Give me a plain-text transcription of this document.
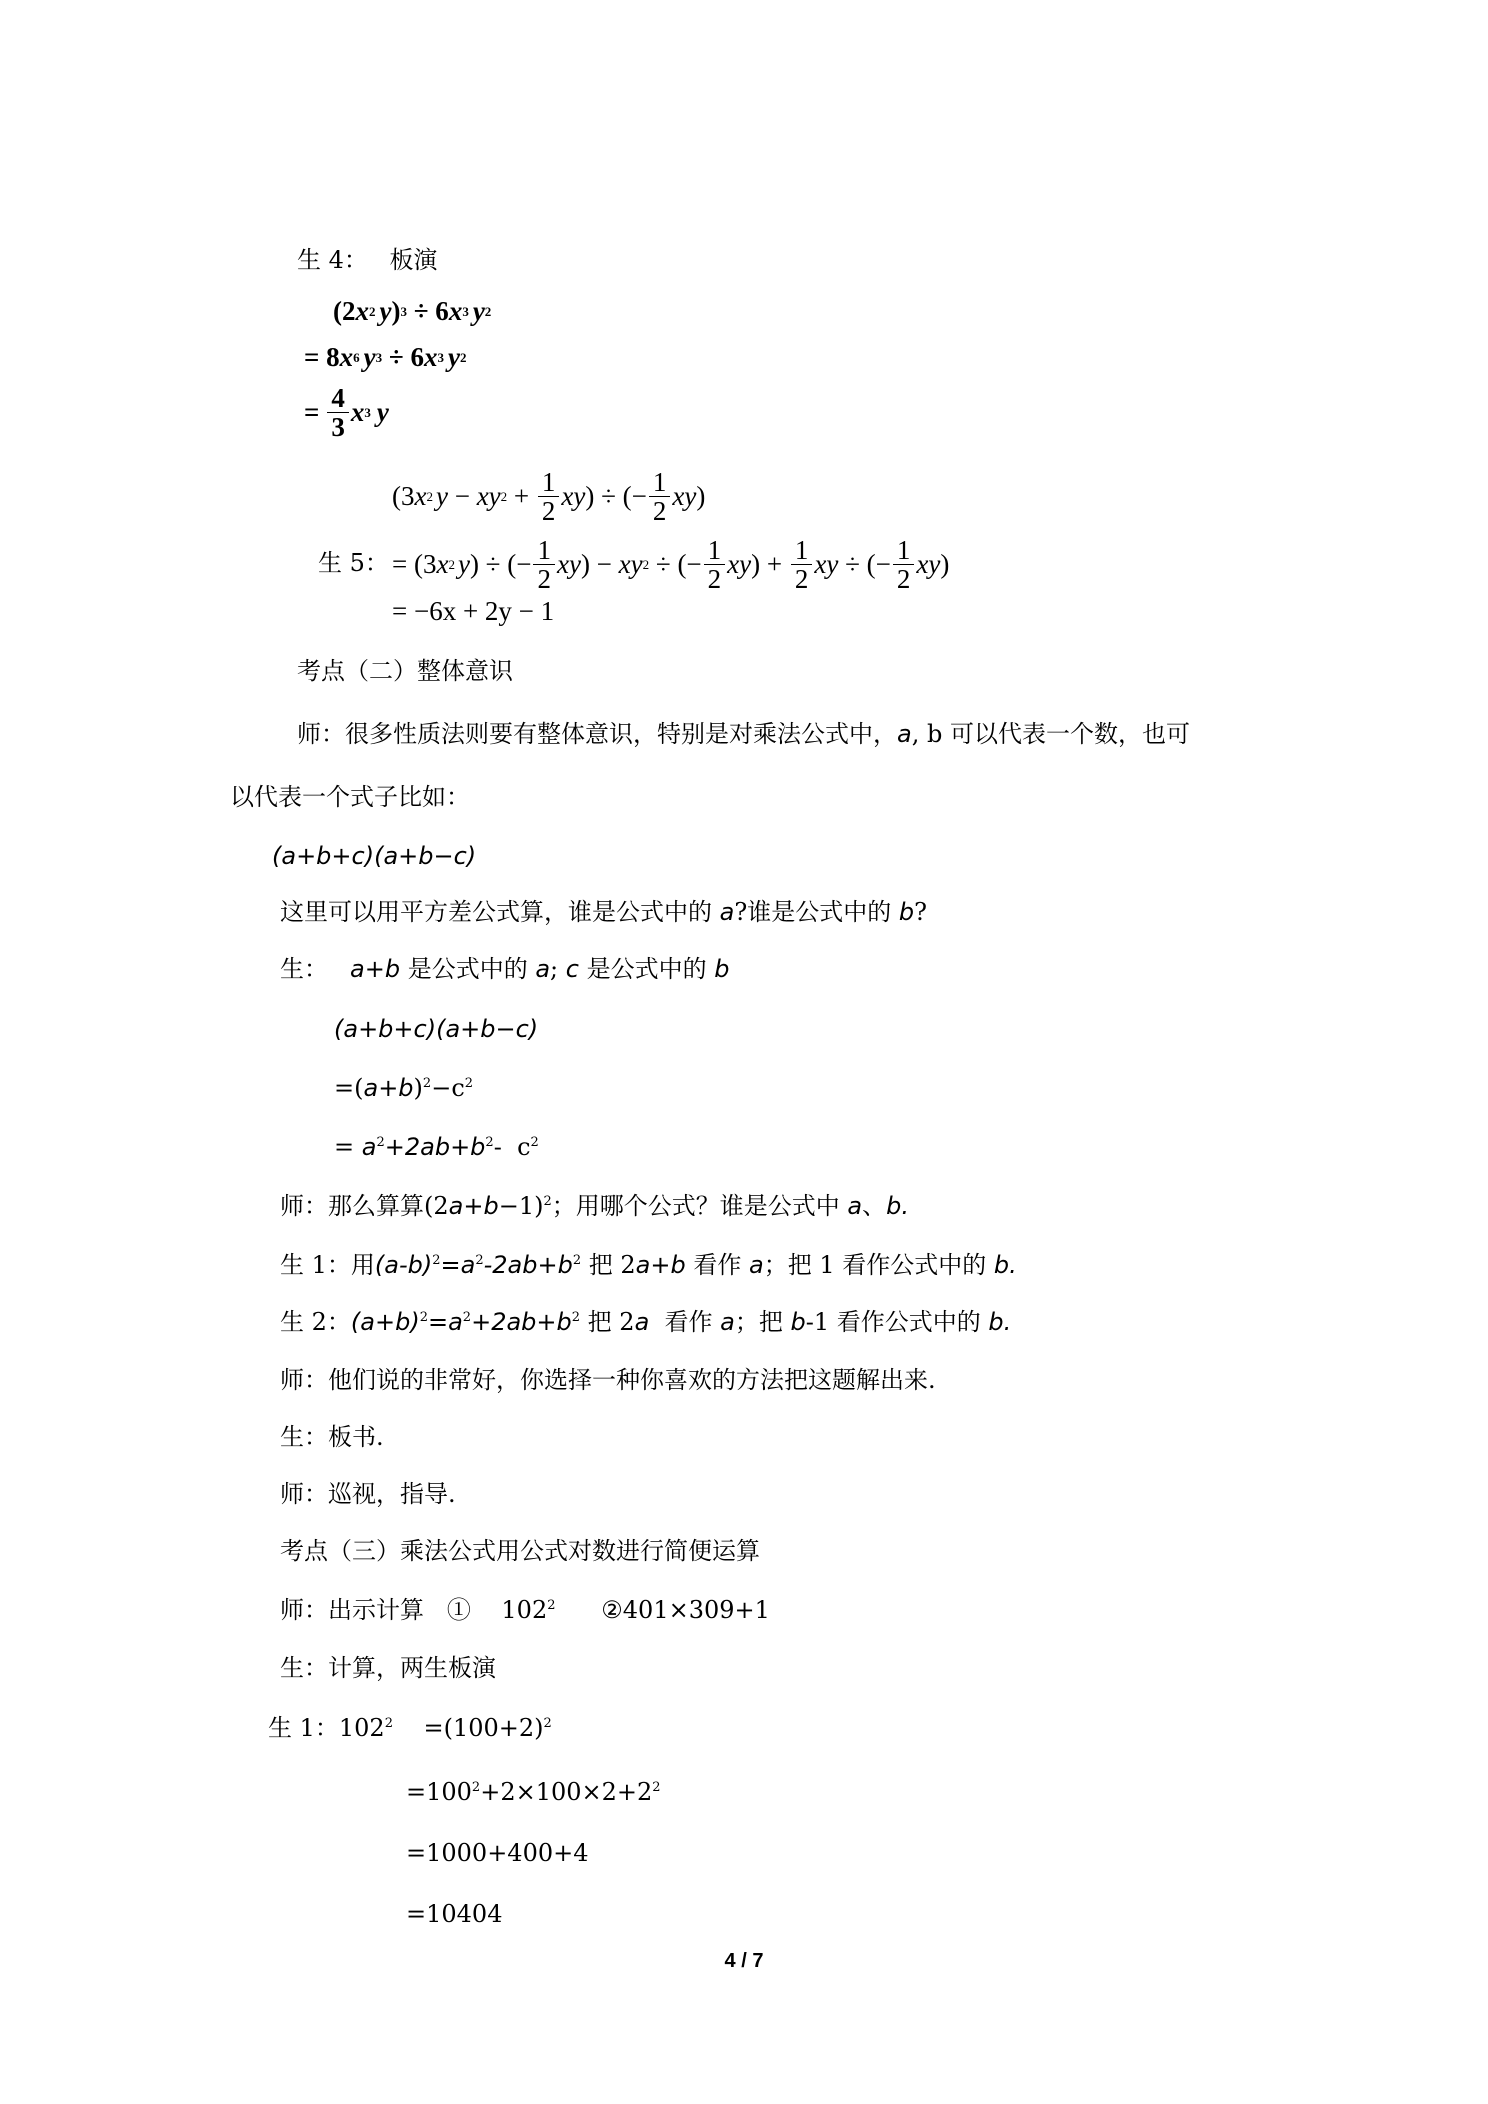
生 4： 板演
(2 x 2 y ) 3 ÷ 6 x 3 y 2
= 8 x 6 y 3 ÷ 6 x 3 y 2
= $\frac{4}{3}$ x 3 y
(3 x 2 y − xy $2 + \frac{1}{2}$ xy ) ÷ (− $\frac{1}{2}$ xy )
生 5： = (3 x 2 y ) ÷ (− $\frac{1}{2}$ xy ) − xy 2 ÷ (− $\frac{1}{2}$ xy ) + $\frac{1}{2}$ xy ÷ (− $\frac{1}{2}$ xy )
= −6x + 2y − 1
考点（二）整体意识
师：很多性质法则要有整体意识，特别是对乘法公式中，a, b 可以代表一个数，也可
以代表一个式子比如：
(a+b+c)(a+b−c)
这里可以用平方差公式算，谁是公式中的 a?谁是公式中的 b?
生： a+b 是公式中的 a; c 是公式中的 b
(a+b+c)(a+b−c)
$=(a+b)^2-c^2$
= $a^2+2ab+b^2-$  $c^2$
师：那么算算$(2a+b-1)^2$；用哪个公式？谁是公式中 a、b.
生 1：用$(a-b)^2=a^2-2ab+b^2$ 把 2a+b 看作 a；把 1 看作公式中的 b.
生 2：$(a+b)^2=a^2+2ab+b^2$ 把 2a  看作 a；把 b-1 看作公式中的 b.
师：他们说的非常好，你选择一种你喜欢的方法把这题解出来.
生：板书.
师：巡视，指导.
考点（三）乘法公式用公式对数进行简便运算
师：出示计算   ①    $102^2$      ②401×309+1
生：计算，两生板演
生 1：$102^2$    $=(100+2)^2$
$=100^2+2\times 100\times 2+2^2$
=1000+400+4
=10404
4 / 7
